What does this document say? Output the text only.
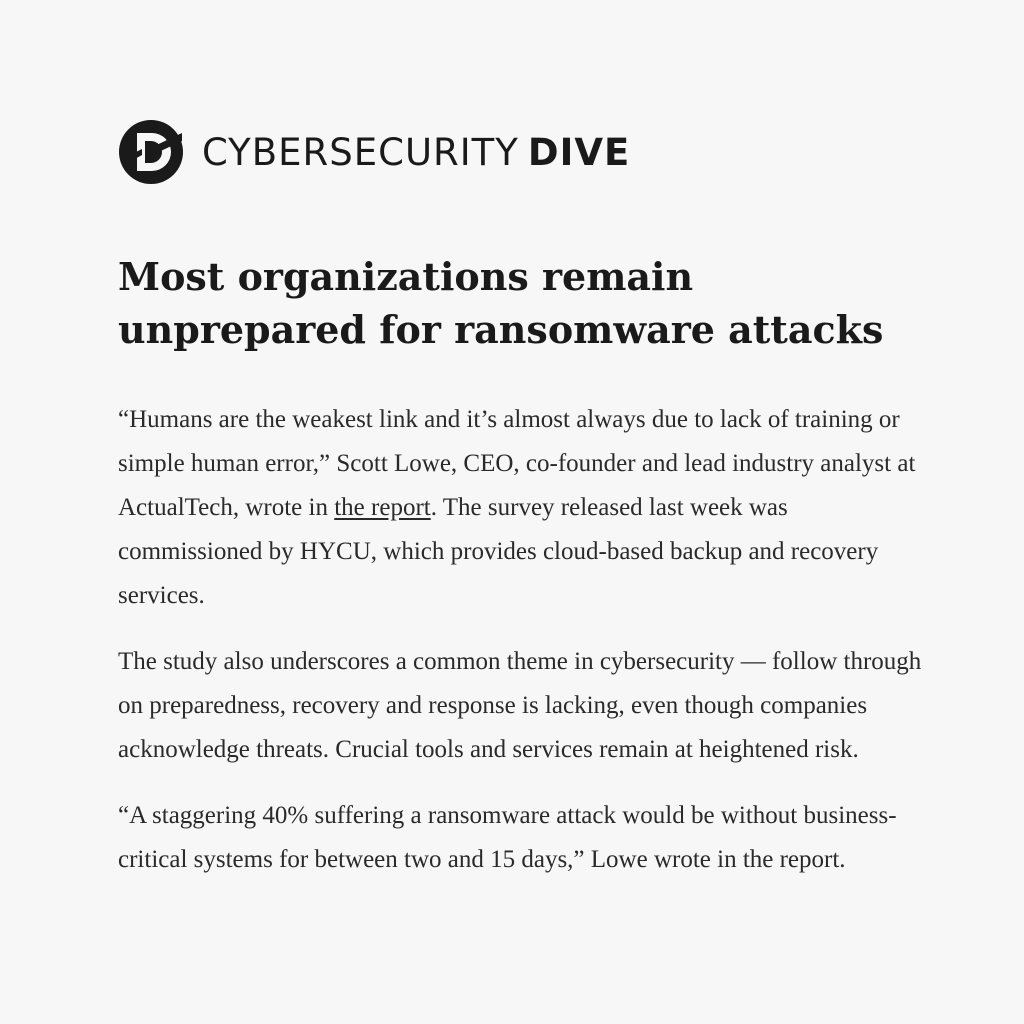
CYBERSECURITY DIVE
Most organizations remain unprepared for ransomware attacks

“Humans are the weakest link and it’s almost always due to lack of training or simple human error,” Scott Lowe, CEO, co-founder and lead industry analyst at ActualTech, wrote in the report. The survey released last week was commissioned by HYCU, which provides cloud-based backup and recovery services.

The study also underscores a common theme in cybersecurity — follow through on preparedness, recovery and response is lacking, even though companies acknowledge threats. Crucial tools and services remain at heightened risk.

“A staggering 40% suffering a ransomware attack would be without business-critical systems for between two and 15 days,” Lowe wrote in the report.
